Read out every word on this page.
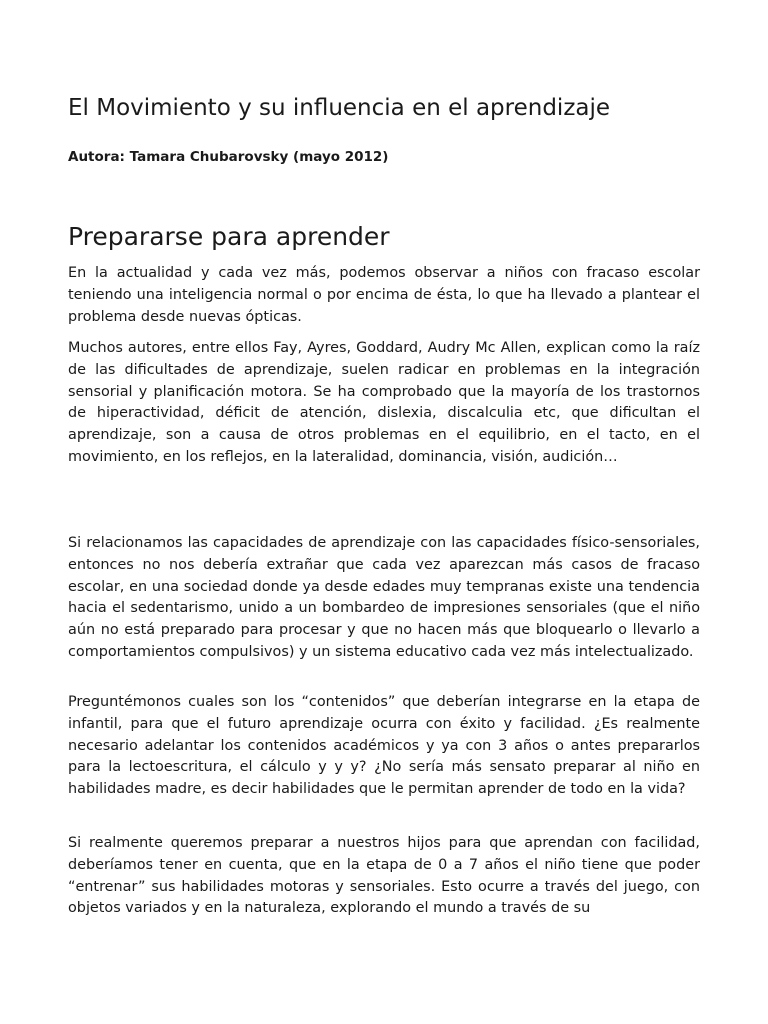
El Movimiento y su influencia en el aprendizaje

Autora: Tamara Chubarovsky (mayo 2012)

Prepararse para aprender

En la actualidad y cada vez más, podemos observar a niños con fracaso escolar teniendo una inteligencia normal o por encima de ésta, lo que ha llevado a plantear el problema desde nuevas ópticas.

Muchos autores, entre ellos Fay, Ayres, Goddard, Audry Mc Allen, explican como la raíz de las dificultades de aprendizaje, suelen radicar en problemas en la integración sensorial y planificación motora. Se ha comprobado que la mayoría de los trastornos de hiperactividad, déficit de atención, dislexia, discalculia etc, que dificultan el aprendizaje, son a causa de otros problemas en el equilibrio, en el tacto, en el movimiento, en los reflejos, en la lateralidad, dominancia, visión, audición…

Si relacionamos las capacidades de aprendizaje con las capacidades físico-sensoriales, entonces no nos debería extrañar que cada vez aparezcan más casos de fracaso escolar, en una sociedad donde ya desde edades muy tempranas existe una tendencia hacia el sedentarismo, unido a un bombardeo de impresiones sensoriales (que el niño aún no está preparado para procesar y que no hacen más que bloquearlo o llevarlo a comportamientos compulsivos) y un sistema educativo cada vez más intelectualizado.

Preguntémonos cuales son los “contenidos” que deberían integrarse en la etapa de infantil, para que el futuro aprendizaje ocurra con éxito y facilidad. ¿Es realmente necesario adelantar los contenidos académicos y ya con 3 años o antes prepararlos para la lectoescritura, el cálculo y y y? ¿No sería más sensato preparar al niño en habilidades madre, es decir habilidades que le permitan aprender de todo en la vida?

Si realmente queremos preparar a nuestros hijos para que aprendan con facilidad, deberíamos tener en cuenta, que en la etapa de 0 a 7 años el niño tiene que poder “entrenar” sus habilidades motoras y sensoriales. Esto ocurre a través del juego, con objetos variados y en la naturaleza, explorando el mundo a través de su
